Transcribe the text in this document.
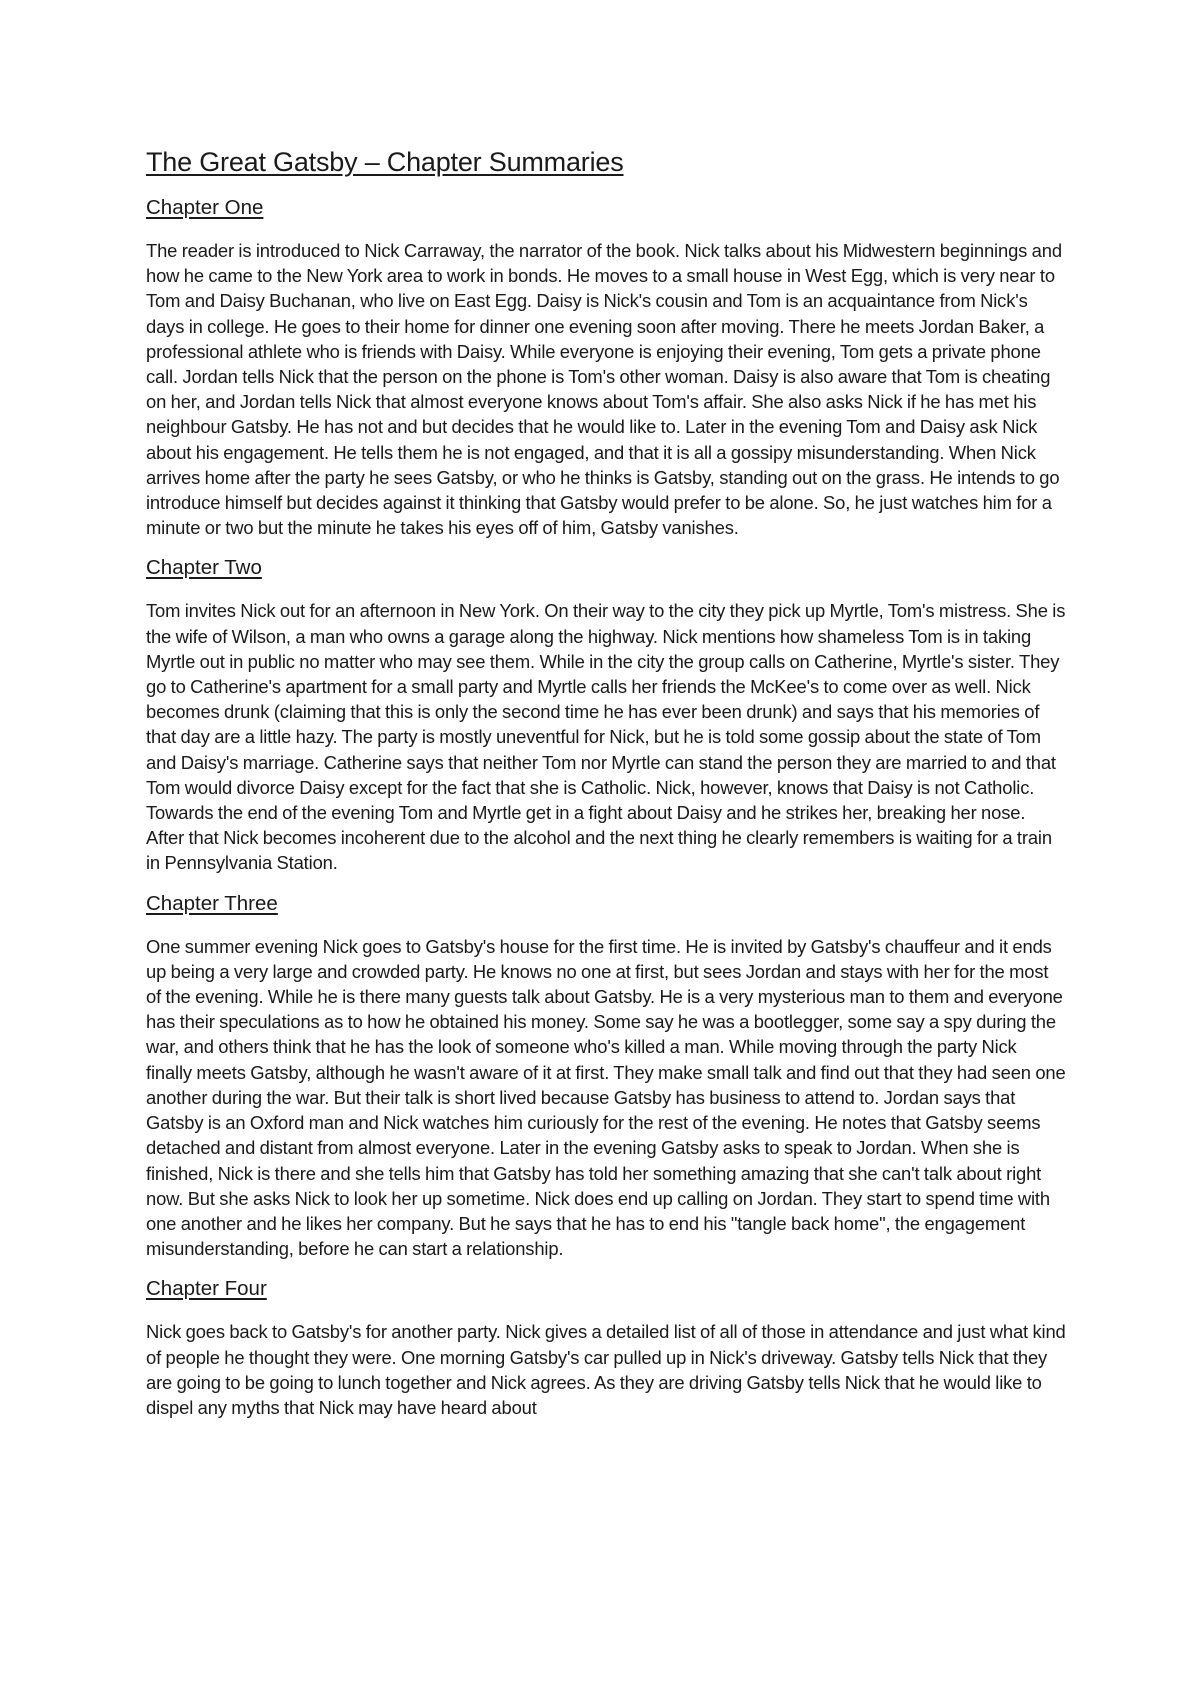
The Great Gatsby – Chapter Summaries
Chapter One

The reader is introduced to Nick Carraway, the narrator of the book. Nick talks about his Midwestern beginnings and how he came to the New York area to work in bonds. He moves to a small house in West Egg, which is very near to Tom and Daisy Buchanan, who live on East Egg. Daisy is Nick's cousin and Tom is an acquaintance from Nick's days in college. He goes to their home for dinner one evening soon after moving. There he meets Jordan Baker, a professional athlete who is friends with Daisy. While everyone is enjoying their evening, Tom gets a private phone call. Jordan tells Nick that the person on the phone is Tom's other woman. Daisy is also aware that Tom is cheating on her, and Jordan tells Nick that almost everyone knows about Tom's affair. She also asks Nick if he has met his neighbour Gatsby. He has not and but decides that he would like to. Later in the evening Tom and Daisy ask Nick about his engagement. He tells them he is not engaged, and that it is all a gossipy misunderstanding. When Nick arrives home after the party he sees Gatsby, or who he thinks is Gatsby, standing out on the grass. He intends to go introduce himself but decides against it thinking that Gatsby would prefer to be alone. So, he just watches him for a minute or two but the minute he takes his eyes off of him, Gatsby vanishes.

Chapter Two

Tom invites Nick out for an afternoon in New York. On their way to the city they pick up Myrtle, Tom's mistress. She is the wife of Wilson, a man who owns a garage along the highway. Nick mentions how shameless Tom is in taking Myrtle out in public no matter who may see them. While in the city the group calls on Catherine, Myrtle's sister. They go to Catherine's apartment for a small party and Myrtle calls her friends the McKee's to come over as well. Nick becomes drunk (claiming that this is only the second time he has ever been drunk) and says that his memories of that day are a little hazy. The party is mostly uneventful for Nick, but he is told some gossip about the state of Tom and Daisy's marriage. Catherine says that neither Tom nor Myrtle can stand the person they are married to and that Tom would divorce Daisy except for the fact that she is Catholic. Nick, however, knows that Daisy is not Catholic. Towards the end of the evening Tom and Myrtle get in a fight about Daisy and he strikes her, breaking her nose. After that Nick becomes incoherent due to the alcohol and the next thing he clearly remembers is waiting for a train in Pennsylvania Station.

Chapter Three

One summer evening Nick goes to Gatsby's house for the first time. He is invited by Gatsby's chauffeur and it ends up being a very large and crowded party. He knows no one at first, but sees Jordan and stays with her for the most of the evening. While he is there many guests talk about Gatsby. He is a very mysterious man to them and everyone has their speculations as to how he obtained his money. Some say he was a bootlegger, some say a spy during the war, and others think that he has the look of someone who's killed a man. While moving through the party Nick finally meets Gatsby, although he wasn't aware of it at first. They make small talk and find out that they had seen one another during the war. But their talk is short lived because Gatsby has business to attend to. Jordan says that Gatsby is an Oxford man and Nick watches him curiously for the rest of the evening. He notes that Gatsby seems detached and distant from almost everyone. Later in the evening Gatsby asks to speak to Jordan. When she is finished, Nick is there and she tells him that Gatsby has told her something amazing that she can't talk about right now. But she asks Nick to look her up sometime. Nick does end up calling on Jordan. They start to spend time with one another and he likes her company. But he says that he has to end his "tangle back home", the engagement misunderstanding, before he can start a relationship.

Chapter Four

Nick goes back to Gatsby's for another party. Nick gives a detailed list of all of those in attendance and just what kind of people he thought they were. One morning Gatsby's car pulled up in Nick's driveway. Gatsby tells Nick that they are going to be going to lunch together and Nick agrees. As they are driving Gatsby tells Nick that he would like to dispel any myths that Nick may have heard about
